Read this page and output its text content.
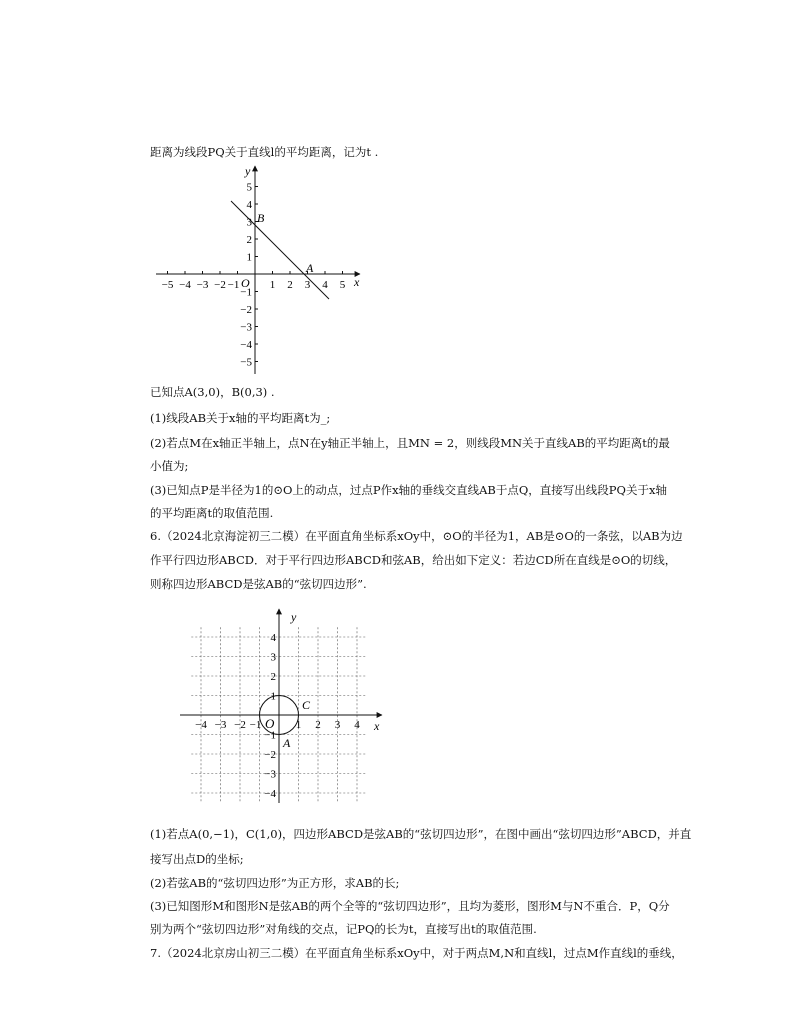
距离为线段PQ关于直线l的平均距离，记为t .
−5 −4 −3 −2 −1	1 2 3 4 5
5
4
3
2
1
−1
−2
−3
−4
−5
x
y
O
A
B
已知点A(3,0)，B(0,3) .
(1)线段AB关于x轴的平均距离t为_;
(2)若点M在x轴正半轴上，点N在y轴正半轴上，且MN = 2，则线段MN关于直线AB的平均距离t的最
小值为;
(3)已知点P是半径为1的⊙O上的动点，过点P作x轴的垂线交直线AB于点Q，直接写出线段PQ关于x轴
的平均距离t的取值范围.
6.（2024北京海淀初三二模）在平面直角坐标系xOy中，⊙O的半径为1，AB是⊙O的一条弦，以AB为边
作平行四边形ABCD．对于平行四边形ABCD和弦AB，给出如下定义：若边CD所在直线是⊙O的切线，
则称四边形ABCD是弦AB的“弦切四边形”.
−4 −3 −2 −1	1 2 3 4
4
3
2
1
−1
−2
−3
−4
x
y
O
C
A
(1)若点A(0,−1)，C(1,0)，四边形ABCD是弦AB的“弦切四边形”，在图中画出“弦切四边形”ABCD，并直
接写出点D的坐标;
(2)若弦AB的“弦切四边形”为正方形，求AB的长;
(3)已知图形M和图形N是弦AB的两个全等的“弦切四边形”，且均为菱形，图形M与N不重合．P，Q分
别为两个“弦切四边形”对角线的交点，记PQ的长为t，直接写出t的取值范围.
7.（2024北京房山初三二模）在平面直角坐标系xOy中，对于两点M,N和直线l，过点M作直线l的垂线，
